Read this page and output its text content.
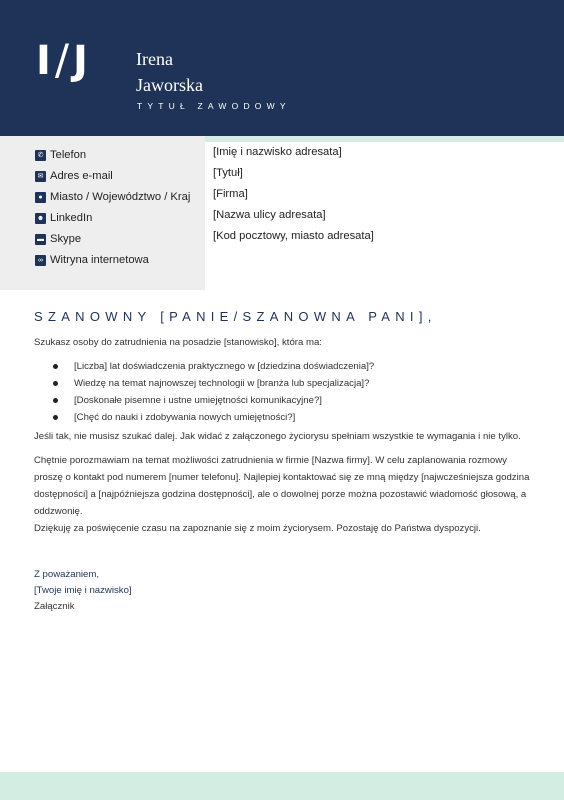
I/J	Irena
Jaworska
TYTUŁ ZAWODOWY
✆ Telefon
✉ Adres e-mail
● Miasto / Województwo / Kraj
☻ LinkedIn
▬ Skype
∞ Witryna internetowa
[Imię i nazwisko adresata]
[Tytuł]
[Firma]
[Nazwa ulicy adresata]
[Kod pocztowy, miasto adresata]
SZANOWNY [PANIE/SZANOWNA PANI],
Szukasz osoby do zatrudnienia na posadzie [stanowisko], która ma:
[Liczba] lat doświadczenia praktycznego w [dziedzina doświadczenia]?
Wiedzę na temat najnowszej technologii w [branża lub specjalizacja]?
[Doskonałe pisemne i ustne umiejętności komunikacyjne?]
[Chęć do nauki i zdobywania nowych umiejętności?]
Jeśli tak, nie musisz szukać dalej. Jak widać z załączonego życiorysu spełniam wszystkie te wymagania i nie tylko.
Chętnie porozmawiam na temat możliwości zatrudnienia w firmie [Nazwa firmy]. W celu zaplanowania rozmowy proszę o kontakt pod numerem [numer telefonu]. Najlepiej kontaktować się ze mną między [najwcześniejsza godzina dostępności] a [najpóźniejsza godzina dostępności], ale o dowolnej porze można pozostawić wiadomość głosową, a oddzwonię.
Dziękuję za poświęcenie czasu na zapoznanie się z moim życiorysem. Pozostaję do Państwa dyspozycji.
Z poważaniem,
[Twoje imię i nazwisko]
Załącznik
